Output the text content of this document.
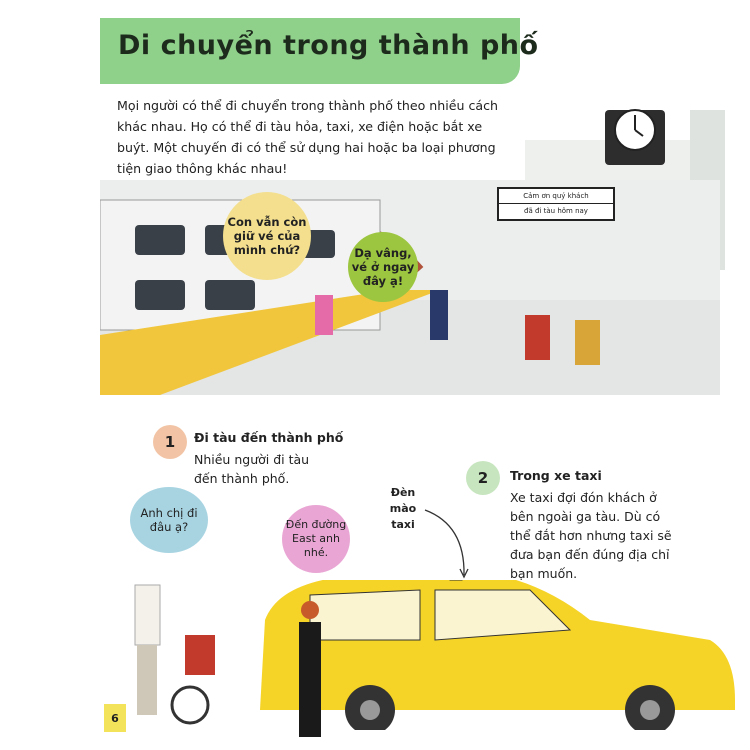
Di chuyển trong thành phố

Mọi người có thể đi chuyển trong thành phố theo nhiều cách khác nhau. Họ có thể đi tàu hỏa, taxi, xe điện hoặc bắt xe buýt. Một chuyến đi có thể sử dụng hai hoặc ba loại phương tiện giao thông khác nhau!

Cảm ơn quý khách
đã đi tàu hôm nay
Con vẫn còn giữ vé của mình chứ?	Dạ vâng, vé ở ngay đây ạ!
1	Đi tàu đến thành phố
Nhiều người đi tàu đến thành phố.	2	Trong xe taxi
Xe taxi đợi đón khách ở bên ngoài ga tàu. Dù có thể đắt hơn nhưng taxi sẽ đưa bạn đến đúng địa chỉ bạn muốn.
Anh chị đi đâu ạ?	Đến đường East anh nhé.
Đèn mào taxi
6
